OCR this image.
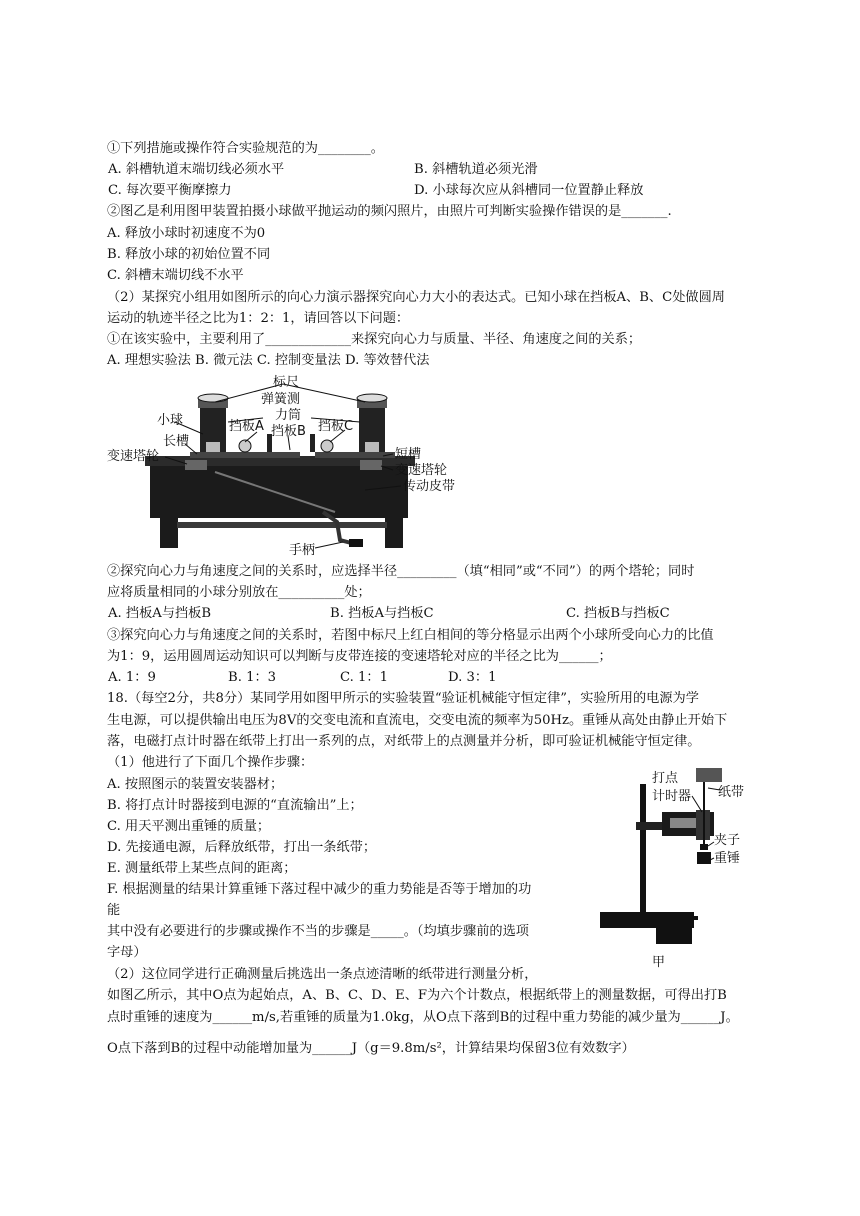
①下列措施或操作符合实验规范的为________。
A. 斜槽轨道末端切线必须水平	B. 斜槽轨道必须光滑
C. 每次要平衡摩擦力	D. 小球每次应从斜槽同一位置静止释放
②图乙是利用图甲装置拍摄小球做平抛运动的频闪照片，由照片可判断实验操作错误的是_______.
A. 释放小球时初速度不为0
B. 释放小球的初始位置不同
C. 斜槽末端切线不水平
（2）某探究小组用如图所示的向心力演示器探究向心力大小的表达式。已知小球在挡板A、B、C处做圆周
运动的轨迹半径之比为1：2：1，请回答以下问题：
①在该实验中，主要利用了_____________来探究向心力与质量、半径、角速度之间的关系；
A. 理想实验法 B. 微元法 C. 控制变量法 D. 等效替代法
标尺
弹簧测
力筒
小球	挡板A 挡板B 挡板C
长槽
变速塔轮	短槽
变速塔轮
传动皮带
手柄
②探究向心力与角速度之间的关系时，应选择半径_________（填“相同”或“不同”）的两个塔轮；同时
应将质量相同的小球分别放在__________处；
A. 挡板A与挡板B	B. 挡板A与挡板C	C. 挡板B与挡板C
③探究向心力与角速度之间的关系时，若图中标尺上红白相间的等分格显示出两个小球所受向心力的比值
为1：9，运用圆周运动知识可以判断与皮带连接的变速塔轮对应的半径之比为______；
A. 1：9	B. 1：3	C. 1：1	D. 3：1
18.（每空2分，共8分）某同学用如图甲所示的实验装置“验证机械能守恒定律”，实验所用的电源为学
生电源，可以提供输出电压为8V的交变电流和直流电，交变电流的频率为50Hz。重锤从高处由静止开始下
落，电磁打点计时器在纸带上打出一系列的点，对纸带上的点测量并分析，即可验证机械能守恒定律。
（1）他进行了下面几个操作步骤：
A. 按照图示的装置安装器材；
B. 将打点计时器接到电源的“直流输出”上；
C. 用天平测出重锤的质量；
D. 先接通电源，后释放纸带，打出一条纸带；
E. 测量纸带上某些点间的距离；
F. 根据测量的结果计算重锤下落过程中减少的重力势能是否等于增加的功
能
其中没有必要进行的步骤或操作不当的步骤是_____。（均填步骤前的选项
字母）
（2）这位同学进行正确测量后挑选出一条点迹清晰的纸带进行测量分析，
如图乙所示，其中O点为起始点，A、B、C、D、E、F为六个计数点，根据纸带上的测量数据，可得出打B
点时重锤的速度为______m/s,若重锤的质量为1.0kg，从O点下落到B的过程中重力势能的减少量为______J。
O点下落到B的过程中动能增加量为______J（g＝9.8m/s²，计算结果均保留3位有效数字）
打点
计时器 纸带
夹子
重锤
甲
